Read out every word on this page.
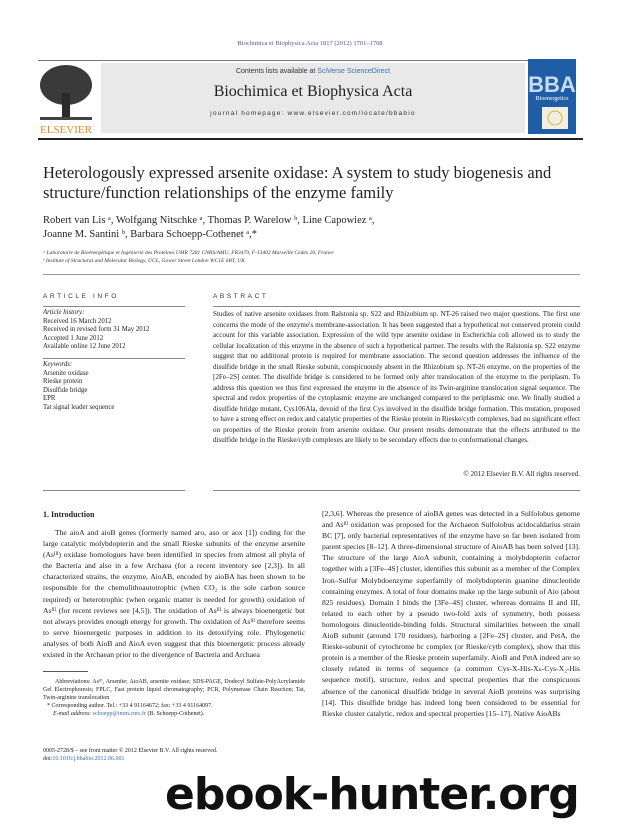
Biochimica et Biophysica Acta 1817 (2012) 1701–1708
ELSEVIER
Contents lists available at SciVerse ScienceDirect
Biochimica et Biophysica Acta
journal homepage: www.elsevier.com/locate/bbabio
BBA
Bioenergetics
Heterologously expressed arsenite oxidase: A system to study biogenesis and structure/function relationships of the enzyme family
Robert van Lis ᵃ, Wolfgang Nitschke ᵃ, Thomas P. Warelow ᵇ, Line Capowiez ᵃ,
Joanne M. Santini ᵇ, Barbara Schoepp-Cothenet ᵃ,*
ᵃ Laboratoire de Bioénergétique et Ingénierie des Protéines UMR 7281 CNRS/AMU, FR3479, F-13402 Marseille Cedex 20, France
ᵇ Institute of Structural and Molecular Biology, UCL, Gower Street London WC1E 6BT, UK
ARTICLE INFO	ABSTRACT
Article history:
Received 16 March 2012
Received in revised form 31 May 2012
Accepted 1 June 2012
Available online 12 June 2012
Keywords:
Arsenite oxidase
Rieske protein
Disulfide bridge
EPR
Tat signal leader sequence

Studies of native arsenite oxidases from Ralstonia sp. S22 and Rhizobium sp. NT-26 raised two major questions. The first one concerns the mode of the enzyme's membrane-association. It has been suggested that a hypothetical not conserved protein could account for this variable association. Expression of the wild type arsenite oxidase in Escherichia coli allowed us to study the cellular localization of this enzyme in the absence of such a hypothetical partner. The results with the Ralstonia sp. S22 enzyme suggest that no additional protein is required for membrane association. The second question addresses the influence of the disulfide bridge in the small Rieske subunit, conspicuously absent in the Rhizobium sp. NT-26 enzyme, on the properties of the [2Fe–2S] center. The disulfide bridge is considered to be formed only after translocation of the enzyme to the periplasm. To address this question we thus first expressed the enzyme in the absence of its Twin-arginine translocation signal sequence. The spectral and redox properties of the cytoplasmic enzyme are unchanged compared to the periplasmic one. We finally studied a disulfide bridge mutant, Cys106Ala, devoid of the first Cys involved in the disulfide bridge formation. This mutation, proposed to have a strong effect on redox and catalytic properties of the Rieske protein in Rieske/cytb complexes, had no significant effect on properties of the Rieske protein from arsenite oxidase. Our present results demonstrate that the effects attributed to the disulfide bridge in the Rieske/cytb complexes are likely to be secondary effects due to conformational changes.

© 2012 Elsevier B.V. All rights reserved.
1. Introduction

The aioA and aioB genes (formerly named aro, aso or aox [1]) coding for the large catalytic molybdopterin and the small Rieske subunits of the enzyme arsenite (Asᴵᴵᴵ) oxidase homologues have been identified in species from almost all phyla of the Bacteria and also in a few Archaea (for a recent inventory see [2,3]). In all characterized strains, the enzyme, AioAB, encoded by aioBA has been shown to be responsible for the chemolithoautotrophic (when CO₂ is the sole carbon source required) or heterotrophic (when organic matter is needed for growth) oxidation of Asᴵᴵᴵ (for recent reviews see [4,5]). The oxidation of Asᴵᴵᴵ is always bioenergetic but not always provides enough energy for growth. The oxidation of Asᴵᴵᴵ therefore seems to serve bioenergetic purposes in addition to its detoxifying role. Phylogenetic analyses of both AioB and AioA even suggest that this bioenergetic process already existed in the Archaean prior to the divergence of Bacteria and Archaea

[2,3,6]. Whereas the presence of aioBA genes was detected in a Sulfolobus genome and Asᴵᴵᴵ oxidation was proposed for the Archaeon Sulfolobus acidocaldarius strain BC [7], only bacterial representatives of the enzyme have so far been isolated from parent species [8–12]. A three-dimensional structure of AioAB has been solved [13]. The structure of the large AioA subunit, containing a molybdopterin cofactor together with a [3Fe–4S] cluster, identifies this subunit as a member of the Complex Iron–Sulfur Molybdoenzyme superfamily of molybdopterin guanine dinucleotide containing enzymes. A total of four domains make up the large subunit of Aio (about 825 residues). Domain I binds the [3Fe–4S] cluster, whereas domains II and III, related to each other by a pseudo two-fold axis of symmetry, both possess homologous dinucleotide-binding folds. Structural similarities between the small AioB subunit (around 170 residues), harboring a [2Fe–2S] cluster, and PetA, the Rieske-subunit of cytochrome bc complex (or Rieske/cytb complex), show that this protein is a member of the Rieske protein superfamily. AioB and PetA indeed are so closely related in terms of sequence (a common Cys-X-His-Xₙ-Cys-X₂-His sequence motif), structure, redox and spectral properties that the conspicuous absence of the canonical disulfide bridge in several AioB proteins was surprising [14]. This disulfide bridge has indeed long been considered to be essential for Rieske cluster catalytic, redox and spectral properties [15–17]. Native AioABs

Abbreviations: Asᴵᴵᴵ, Arsenite; AioAB, arsenite oxidase; SDS-PAGE, Dodecyl Sulfate-PolyAcrylamide Gel Electrophoresis; FPLC, Fast protein liquid chromatography; PCR, Polymerase Chain Reaction; Tat, Twin-arginine translocation
* Corresponding author. Tel.: +33 4 91164672; fax: +33 4 91164097.
E-mail address: schoepp@imm.cnrs.fr (B. Schoepp-Cothenet).
0005-2728/$ – see front matter © 2012 Elsevier B.V. All rights reserved.
doi:10.1016/j.bbabio.2012.06.001
ebook-hunter.org
